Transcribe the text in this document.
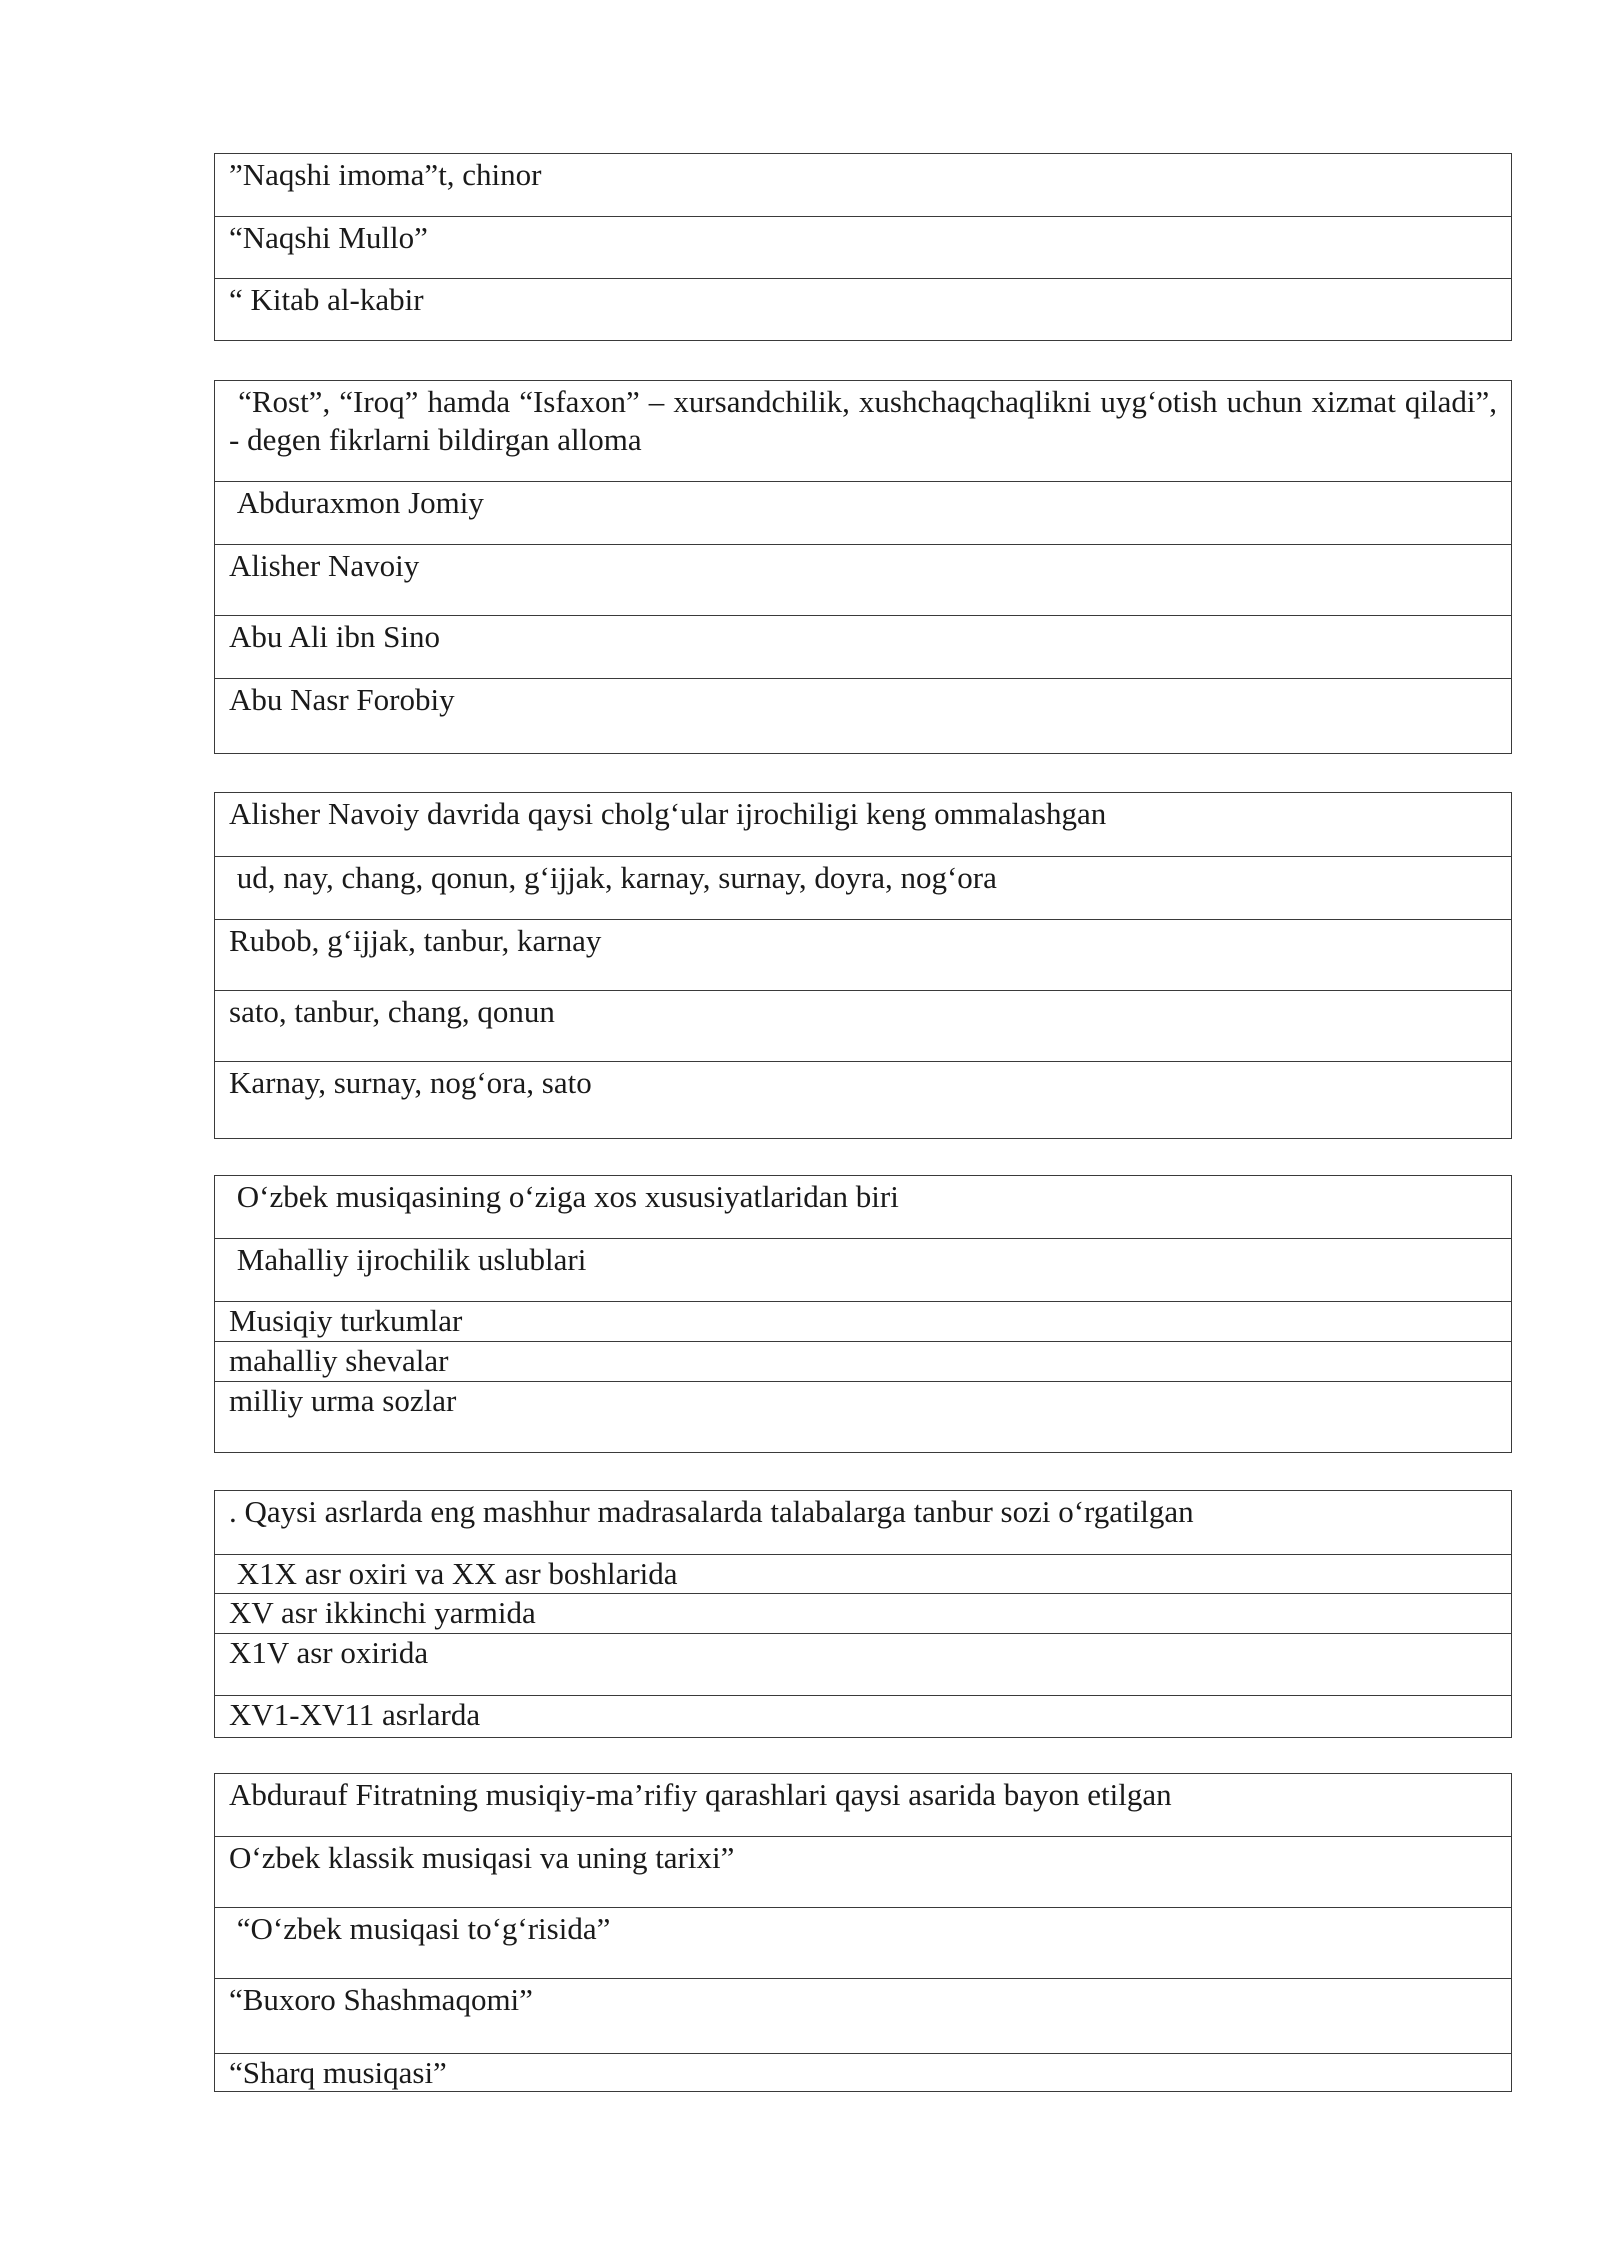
”Naqshi imoma”t, chinor
“Naqshi Mullo”
“ Kitab al-kabir
“Rost”, “Iroq” hamda “Isfaxon” – xursandchilik, xushchaqchaqlikni uyg‘otish uchun xizmat qiladi”, - degen fikrlarni bildirgan alloma
Abduraxmon Jomiy
Alisher Navoiy
Abu Ali ibn Sino
Abu Nasr Forobiy
Alisher Navoiy davrida qaysi cholg‘ular ijrochiligi keng ommalashgan
ud, nay, chang, qonun, g‘ijjak, karnay, surnay, doyra, nog‘ora
Rubob, g‘ijjak, tanbur, karnay
sato, tanbur, chang, qonun
Karnay, surnay, nog‘ora, sato
O‘zbek musiqasining o‘ziga xos xususiyatlaridan biri
Mahalliy ijrochilik uslublari
Musiqiy turkumlar
mahalliy shevalar
milliy urma sozlar
. Qaysi asrlarda eng mashhur madrasalarda talabalarga tanbur sozi o‘rgatilgan
X1X asr oxiri va XX asr boshlarida
XV asr ikkinchi yarmida
X1V asr oxirida
XV1-XV11 asrlarda
Abdurauf Fitratning musiqiy-ma’rifiy qarashlari qaysi asarida bayon etilgan
O‘zbek klassik musiqasi va uning tarixi”
“O‘zbek musiqasi to‘g‘risida”
“Buxoro Shashmaqomi”
“Sharq musiqasi”
